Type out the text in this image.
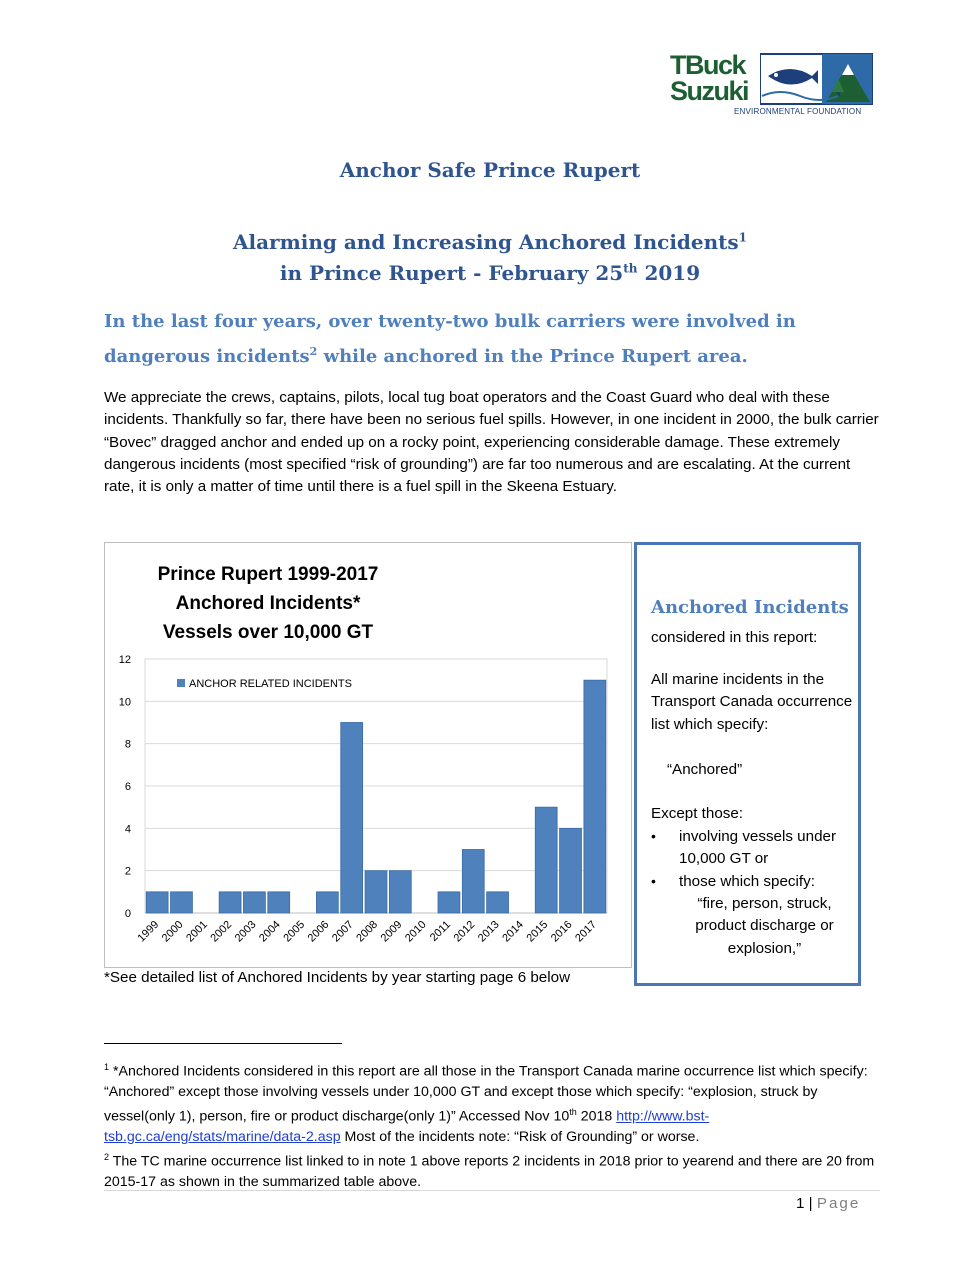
TBuck
Suzuki
ENVIRONMENTAL FOUNDATION
Anchor Safe Prince Rupert
Alarming and Increasing Anchored Incidents$^1$
in Prince Rupert - February 25th 2019
In the last four years, over twenty-two bulk carriers were involved in dangerous incidents$^2$ while anchored in the Prince Rupert area.
We appreciate the crews, captains, pilots, local tug boat operators and the Coast Guard who deal with these incidents. Thankfully so far, there have been no serious fuel spills. However, in one incident in 2000, the bulk carrier “Bovec” dragged anchor and ended up on a rocky point, experiencing considerable damage. These extremely dangerous incidents (most specified “risk of grounding”) are far too numerous and are escalating. At the current rate, it is only a matter of time until there is a fuel spill in the Skeena Estuary.
0
2
4
6
8
10
12
1999
2000
2001
2002
2003
2004
2005
2006
2007
2008
2009
2010 2011
2012
2013
2014
2015
2016
2017
ANCHOR RELATED INCIDENTS
Prince Rupert 1999-2017
Anchored Incidents*
Vessels over 10,000 GT
*See detailed list of Anchored Incidents by year starting page 6 below
Anchored Incidents
considered in this report:
All marine incidents in the Transport Canada occurrence list which specify:
“Anchored”
Except those:
• involving vessels under 10,000 GT or
• those which specify:
“fire, person, struck, product discharge or explosion,”
$^1$ *Anchored Incidents considered in this report are all those in the Transport Canada marine occurrence list which specify: “Anchored” except those involving vessels under 10,000 GT and except those which specify: “explosion, struck by vessel(only 1), person, fire or product discharge(only 1)” Accessed Nov 10th 2018 http://www.bst-tsb.gc.ca/eng/stats/marine/data-2.asp Most of the incidents note: “Risk of Grounding” or worse.
$^2$ The TC marine occurrence list linked to in note 1 above reports 2 incidents in 2018 prior to yearend and there are 20 from 2015-17 as shown in the summarized table above.
1 | Page
